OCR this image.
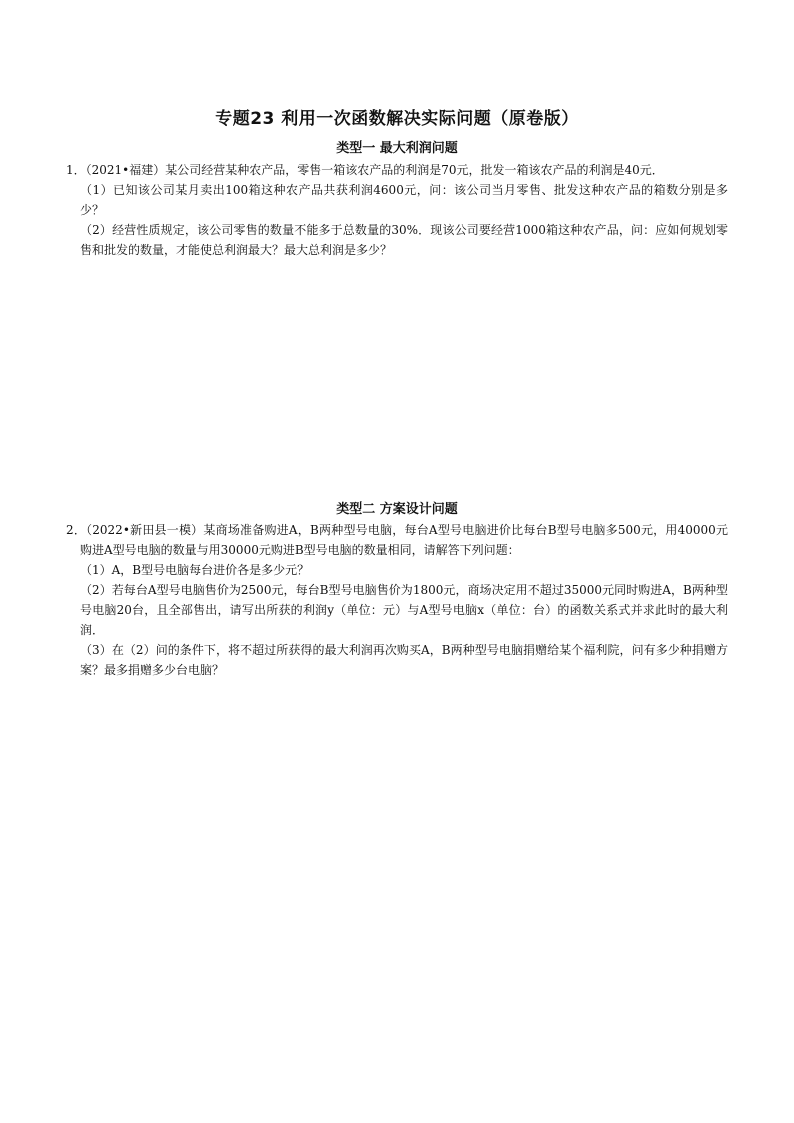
专题23 利用一次函数解决实际问题（原卷版）
类型一 最大利润问题
1．（2021•福建）某公司经营某种农产品，零售一箱该农产品的利润是70元，批发一箱该农产品的利润是40元．
（1）已知该公司某月卖出100箱这种农产品共获利润4600元，问：该公司当月零售、批发这种农产品的箱数分别是多少？
（2）经营性质规定，该公司零售的数量不能多于总数量的30%．现该公司要经营1000箱这种农产品，问：应如何规划零售和批发的数量，才能使总利润最大？最大总利润是多少？
类型二 方案设计问题
2．（2022•新田县一模）某商场准备购进A，B两种型号电脑，每台A型号电脑进价比每台B型号电脑多500元，用40000元购进A型号电脑的数量与用30000元购进B型号电脑的数量相同，请解答下列问题：
（1）A，B型号电脑每台进价各是多少元？
（2）若每台A型号电脑售价为2500元，每台B型号电脑售价为1800元，商场决定用不超过35000元同时购进A，B两种型号电脑20台，且全部售出，请写出所获的利润y（单位：元）与A型号电脑x（单位：台）的函数关系式并求此时的最大利润．
（3）在（2）问的条件下，将不超过所获得的最大利润再次购买A，B两种型号电脑捐赠给某个福利院，问有多少种捐赠方案？最多捐赠多少台电脑？
